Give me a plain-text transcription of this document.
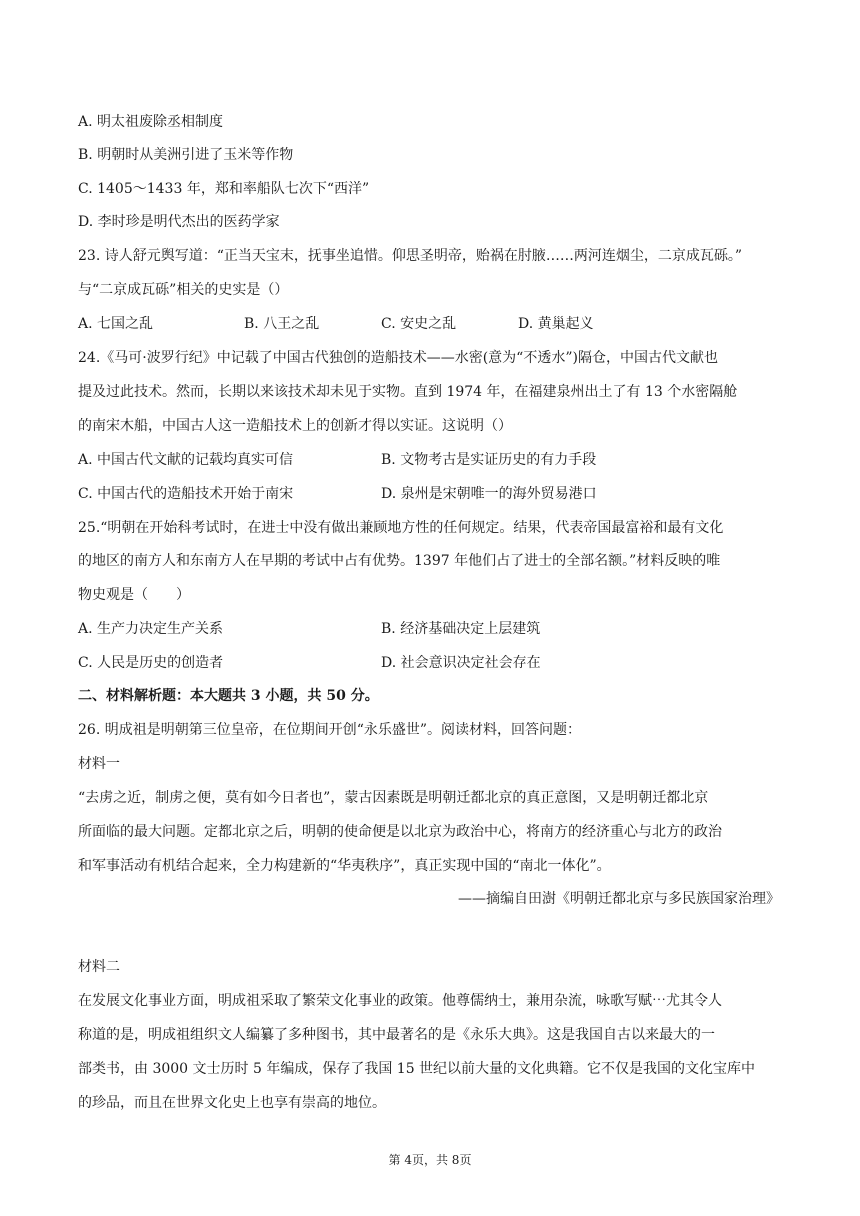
A. 明太祖废除丞相制度
B. 明朝时从美洲引进了玉米等作物
C. 1405～1433 年，郑和率船队七次下“西洋”
D. 李时珍是明代杰出的医药学家
23. 诗人舒元舆写道：“正当天宝末，抚事坐追惜。仰思圣明帝，贻祸在肘腋……两河连烟尘，二京成瓦砾。”
与“二京成瓦砾”相关的史实是（）
A. 七国之乱	B. 八王之乱	C. 安史之乱	D. 黄巢起义
24.《马可·波罗行纪》中记载了中国古代独创的造船技术——水密(意为“不透水”)隔仓，中国古代文献也
提及过此技术。然而，长期以来该技术却未见于实物。直到 1974 年，在福建泉州出土了有 13 个水密隔舱
的南宋木船，中国古人这一造船技术上的创新才得以实证。这说明（）
A. 中国古代文献的记载均真实可信	B. 文物考古是实证历史的有力手段
C. 中国古代的造船技术开始于南宋	D. 泉州是宋朝唯一的海外贸易港口
25.“明朝在开始科考试时，在进士中没有做出兼顾地方性的任何规定。结果，代表帝国最富裕和最有文化
的地区的南方人和东南方人在早期的考试中占有优势。1397 年他们占了进士的全部名额。”材料反映的唯
物史观是（　　）
A. 生产力决定生产关系	B. 经济基础决定上层建筑
C. 人民是历史的创造者	D. 社会意识决定社会存在
二、材料解析题：本大题共 3 小题，共 50 分。
26. 明成祖是明朝第三位皇帝，在位期间开创“永乐盛世”。阅读材料，回答问题：
材料一
“去虏之近，制虏之便，莫有如今日者也”，蒙古因素既是明朝迁都北京的真正意图，又是明朝迁都北京
所面临的最大问题。定都北京之后，明朝的使命便是以北京为政治中心，将南方的经济重心与北方的政治
和军事活动有机结合起来，全力构建新的“华夷秩序”，真正实现中国的“南北一体化”。
——摘编自田澍《明朝迁都北京与多民族国家治理》
材料二
在发展文化事业方面，明成祖采取了繁荣文化事业的政策。他尊儒纳士，兼用杂流，咏歌写赋⋯尤其令人
称道的是，明成祖组织文人编纂了多种图书，其中最著名的是《永乐大典》。这是我国自古以来最大的一
部类书，由 3000 文士历时 5 年编成，保存了我国 15 世纪以前大量的文化典籍。它不仅是我国的文化宝库中
的珍品，而且在世界文化史上也享有崇高的地位。
第 4页，共 8页
